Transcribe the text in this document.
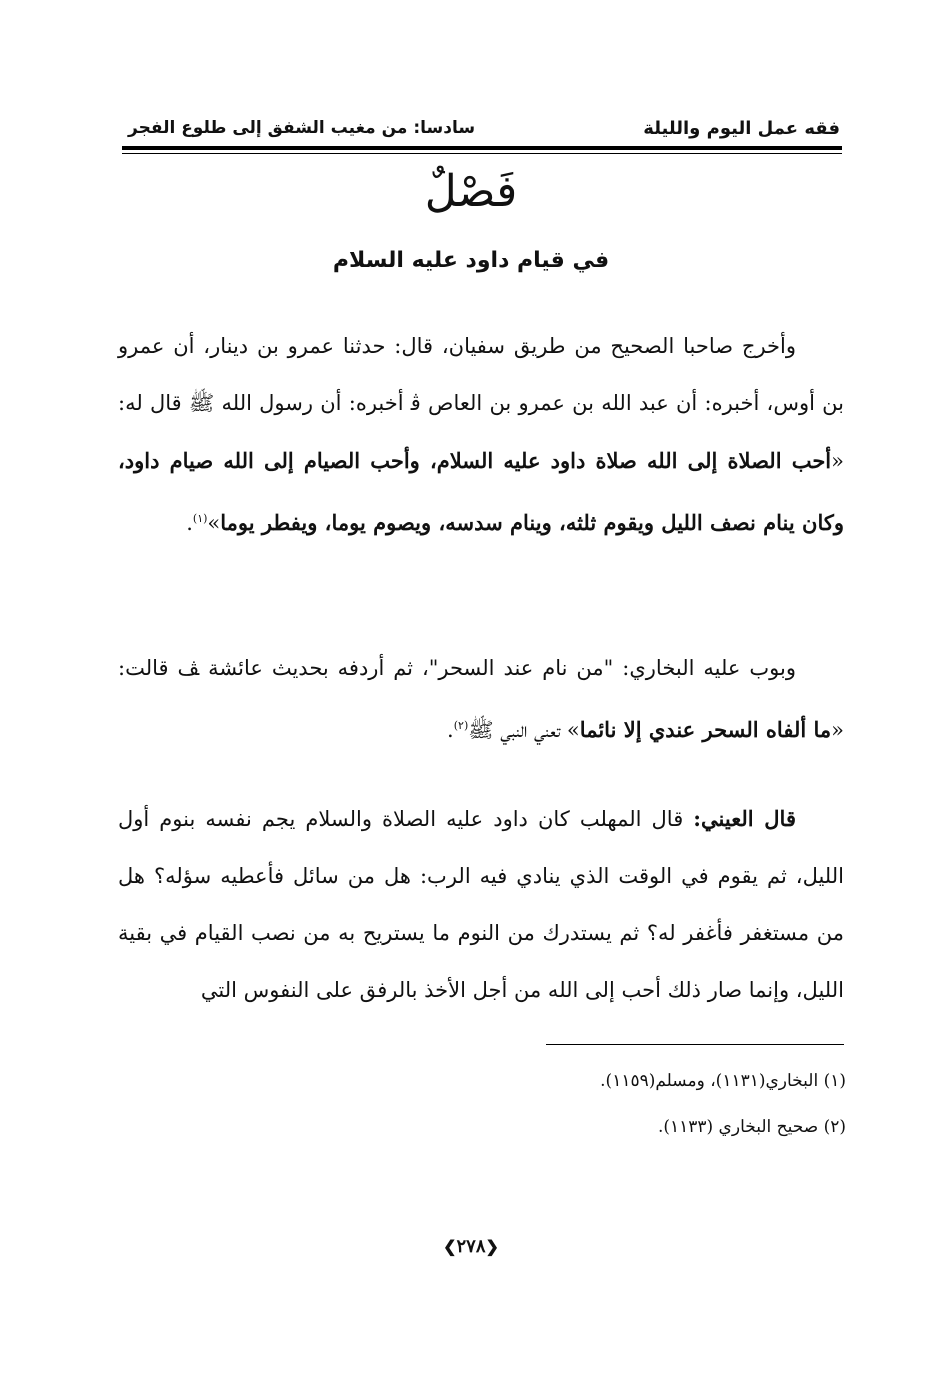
فقه عمل اليوم والليلة
سادسا: من مغيب الشفق إلى طلوع الفجر
فَصْلٌ
في قيام داود عليه السلام
وأخرج صاحبا الصحيح من طريق سفيان، قال: حدثنا عمرو بن دينار، أن عمرو بن أوس، أخبره: أن عبد الله بن عمرو بن العاص ﭬ أخبره: أن رسول الله ﷺ قال له: «أحب الصلاة إلى الله صلاة داود عليه السلام، وأحب الصيام إلى الله صيام داود، وكان ينام نصف الليل ويقوم ثلثه، وينام سدسه، ويصوم يوما، ويفطر يوما»$^{(١)}$.
وبوب عليه البخاري: "من نام عند السحر"، ثم أردفه بحديث عائشة ﭫ قالت: «ما ألفاه السحر عندي إلا نائما» تعني النبي ﷺ$^{(٢)}$.
قال العيني: قال المهلب كان داود عليه الصلاة والسلام يجم نفسه بنوم أول الليل، ثم يقوم في الوقت الذي ينادي فيه الرب: هل من سائل فأعطيه سؤله؟ هل من مستغفر فأغفر له؟ ثم يستدرك من النوم ما يستريح به من نصب القيام في بقية الليل، وإنما صار ذلك أحب إلى الله من أجل الأخذ بالرفق على النفوس التي
(١) البخاري(١١٣١)، ومسلم(١١٥٩).
(٢) صحيح البخاري (١١٣٣).
❮٢٧٨❯
